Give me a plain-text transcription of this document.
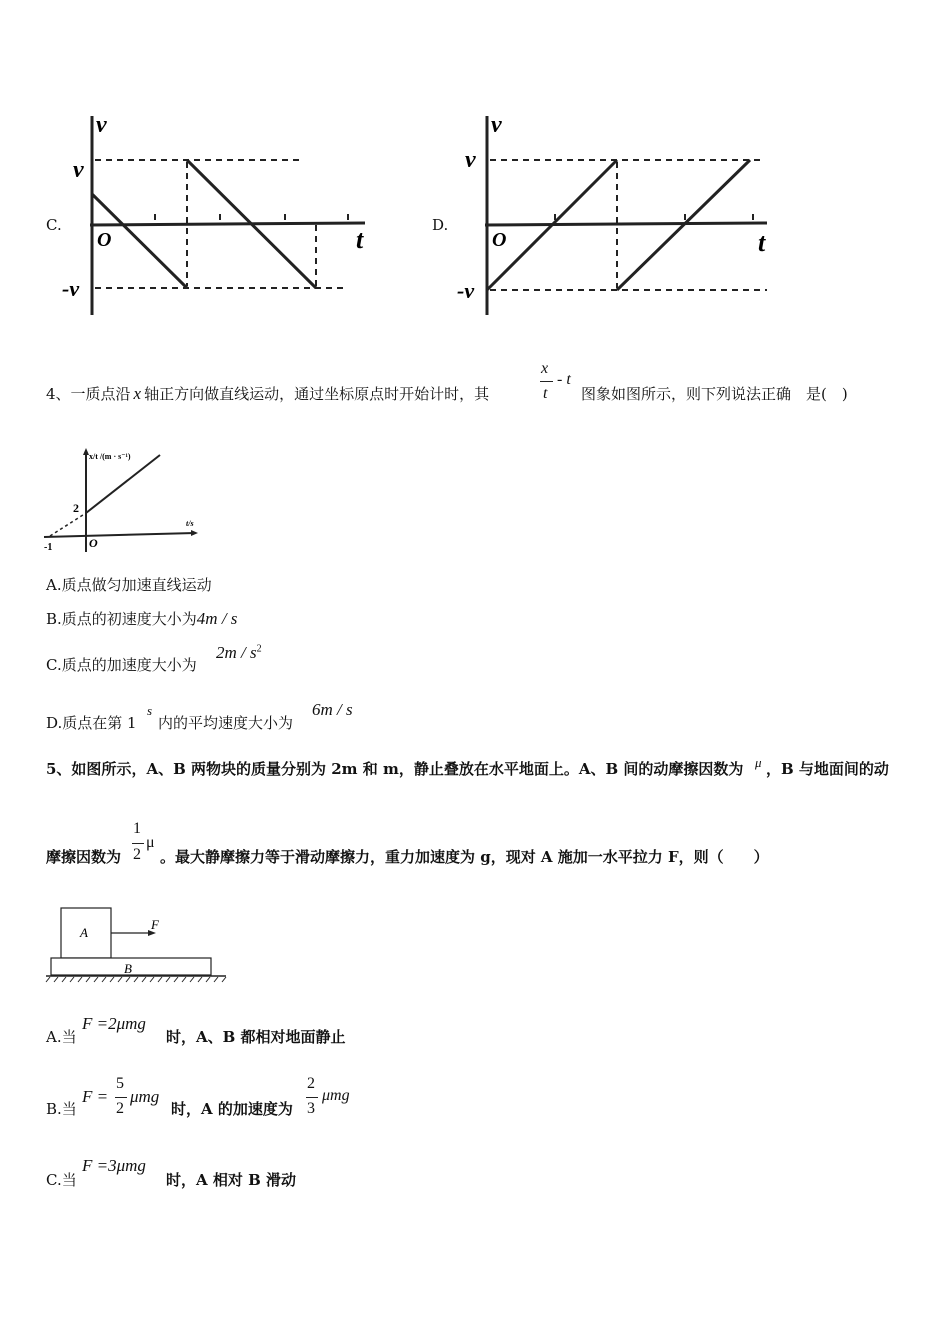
C.
v
t
O
v
-v
D.
v
t
O
v
-v
4、一质点沿 x 轴正方向做直线运动，通过坐标原点时开始计时，其
x
t
- t
图象如图所示，则下列说法正确　是(　)
x/t /(m · s⁻¹)
t/s
2
-1	O
A.质点做匀加速直线运动
B.质点的初速度大小为4m / s
C.质点的加速度大小为
$2m / s^2$
D.质点在第 1
s
内的平均速度大小为
6m / s
5、如图所示，A、B 两物块的质量分别为 2m 和 m，静止叠放在水平地面上。A、B 间的动摩擦因数为 μ ，B 与地面间的动
摩擦因数为
1
2
μ
。最大静摩擦力等于滑动摩擦力，重力加速度为 g，现对 A 施加一水平拉力 F，则（　　）
A
B
F
A.当
F =2μmg
时，A、B 都相对地面静止
B.当
F =
5
2
μmg
时，A 的加速度为
2
3
μmg
C.当
F =3μmg
时，A 相对 B 滑动
